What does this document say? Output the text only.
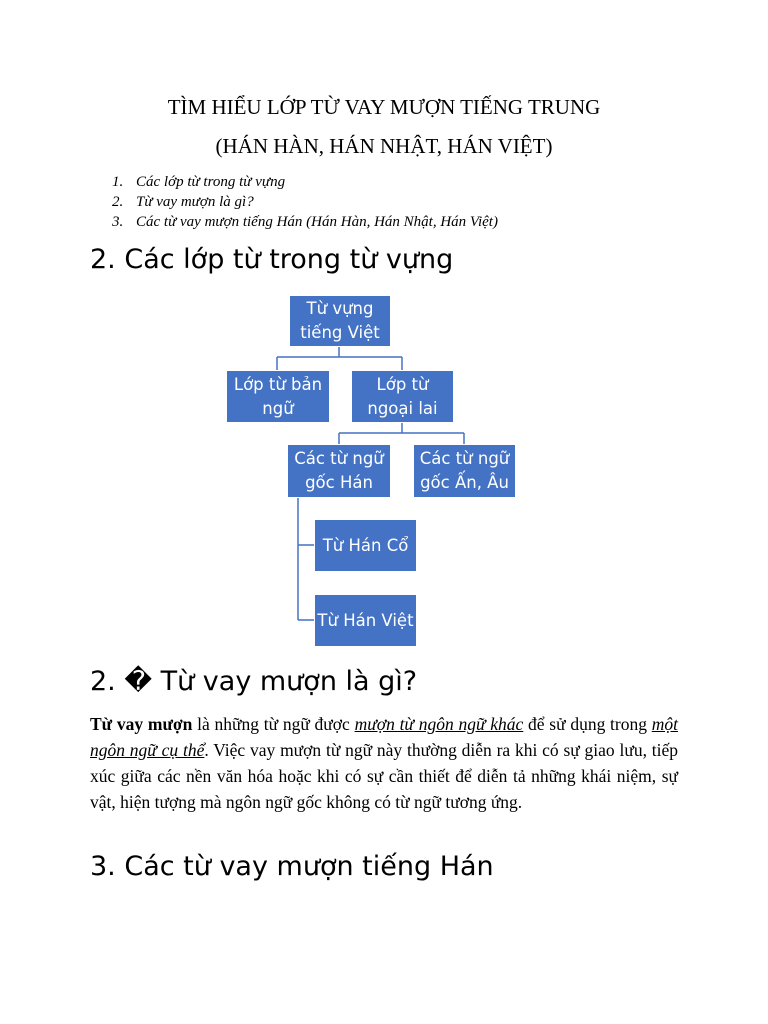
TÌM HIỂU LỚP TỪ VAY MƯỢN TIẾNG TRUNG
(HÁN HÀN, HÁN NHẬT, HÁN VIỆT)
1. Các lớp từ trong từ vựng
2. Từ vay mượn là gì?
3. Các từ vay mượn tiếng Hán (Hán Hàn, Hán Nhật, Hán Việt)
2. Các lớp từ trong từ vựng
Từ vựng tiếng Việt
Lớp từ bản ngữ
Lớp từ ngoại lai
Các từ ngữ gốc Hán
Các từ ngữ gốc Ấn, Âu
Từ Hán Cổ
Từ Hán Việt
2. � Từ vay mượn là gì?
Từ vay mượn là những từ ngữ được mượn từ ngôn ngữ khác để sử dụng trong một ngôn ngữ cụ thể. Việc vay mượn từ ngữ này thường diễn ra khi có sự giao lưu, tiếp xúc giữa các nền văn hóa hoặc khi có sự cần thiết để diễn tả những khái niệm, sự vật, hiện tượng mà ngôn ngữ gốc không có từ ngữ tương ứng.
3. Các từ vay mượn tiếng Hán
